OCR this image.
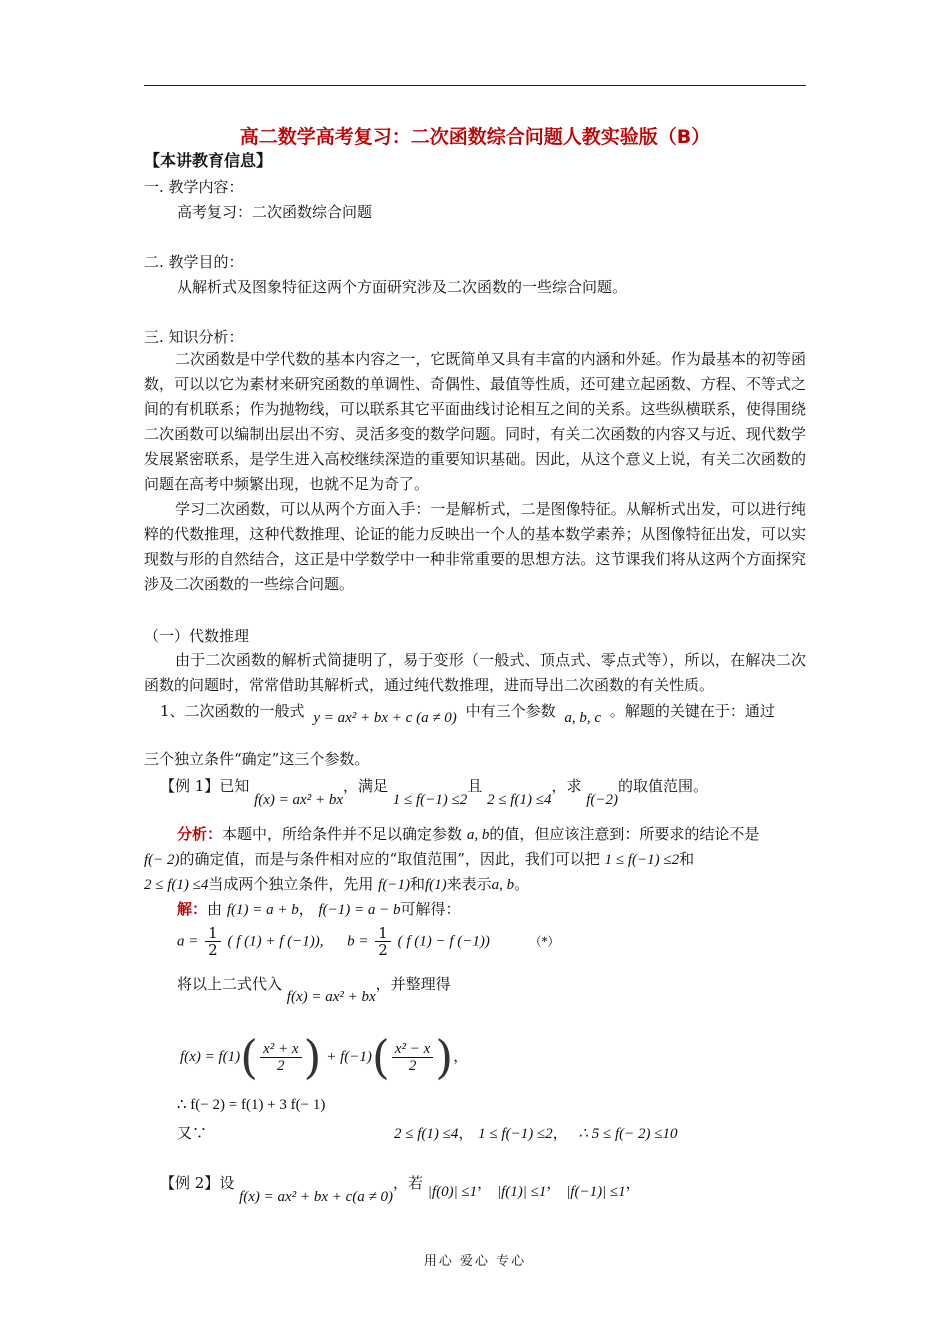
高二数学高考复习：二次函数综合问题人教实验版（B）
【本讲教育信息】
一. 教学内容：
高考复习：二次函数综合问题
二. 教学目的：
从解析式及图象特征这两个方面研究涉及二次函数的一些综合问题。
三. 知识分析：
二次函数是中学代数的基本内容之一，它既简单又具有丰富的内涵和外延。作为最基本的初等函数，可以以它为素材来研究函数的单调性、奇偶性、最值等性质，还可建立起函数、方程、不等式之间的有机联系；作为抛物线，可以联系其它平面曲线讨论相互之间的关系。这些纵横联系，使得围绕二次函数可以编制出层出不穷、灵活多变的数学问题。同时，有关二次函数的内容又与近、现代数学发展紧密联系，是学生进入高校继续深造的重要知识基础。因此，从这个意义上说，有关二次函数的问题在高考中频繁出现，也就不足为奇了。
学习二次函数，可以从两个方面入手：一是解析式，二是图像特征。从解析式出发，可以进行纯粹的代数推理，这种代数推理、论证的能力反映出一个人的基本数学素养；从图像特征出发，可以实现数与形的自然结合，这正是中学数学中一种非常重要的思想方法。这节课我们将从这两个方面探究涉及二次函数的一些综合问题。
（一）代数推理
由于二次函数的解析式简捷明了，易于变形（一般式、顶点式、零点式等），所以，在解决二次函数的问题时，常常借助其解析式，通过纯代数推理，进而导出二次函数的有关性质。
1、二次函数的一般式 y = ax² + bx + c (a ≠ 0) 中有三个参数 a, b, c 。解题的关键在于：通过
三个独立条件“确定”这三个参数。
【例 1】已知 f(x) = ax² + bx，满足 1 ≤ f(−1) ≤2且 2 ≤ f(1) ≤4，求 f(−2)的取值范围。
分析：本题中，所给条件并不足以确定参数 a, b的值，但应该注意到：所要求的结论不是
f(− 2)的确定值，而是与条件相对应的“取值范围”，因此，我们可以把 1 ≤ f(−1) ≤2和
2 ≤ f(1) ≤4当成两个独立条件，先用 f(−1)和f(1)来表示a, b。
解：由 f(1) = a + b， f(−1) = a − b可解得：
$a = \frac{1}{2}$ ( f (1) + f (−1)), $b = \frac{1}{2}$ ( f (1) − f (−1))	（*）
将以上二式代入 f(x) = ax² + bx，并整理得
$f(x) = f(1)( \frac{\text{x² + x}}{2}$ ) + $f(-1)( \frac{\text{x² − x}}{2}$ )，
∴ f(− 2) = f(1) + 3 f(− 1)
又∵	2 ≤ f(1) ≤4， 1 ≤ f(−1) ≤2， ∴ 5 ≤ f(− 2) ≤10
【例 2】设 f(x) = ax² + bx + c(a ≠ 0)，若 |f(0)| ≤1， |f(1)| ≤1， |f(−1)| ≤1，
用心 爱心 专心
